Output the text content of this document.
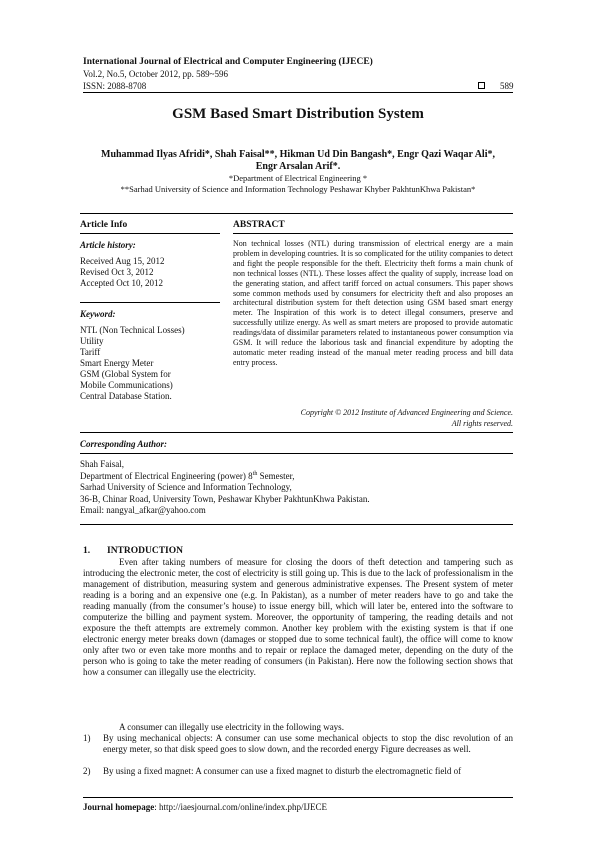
International Journal of Electrical and Computer Engineering (IJECE)
Vol.2, No.5, October 2012, pp. 589~596
ISSN: 2088-8708	589
GSM Based Smart Distribution System
Muhammad Ilyas Afridi*, Shah Faisal**, Hikman Ud Din Bangash*, Engr Qazi Waqar Ali*,
Engr Arsalan Arif*.
*Department of Electrical Engineering *
**Sarhad University of Science and Information Technology Peshawar Khyber PakhtunKhwa Pakistan*
Article Info	ABSTRACT
Article history:
Received Aug 15, 2012
Revised Oct 3, 2012
Accepted Oct 10, 2012
Keyword:
NTL (Non Technical Losses)
Utility
Tariff
Smart Energy Meter
GSM (Global System for
Mobile Communications)
Central Database Station.
Non technical losses (NTL) during transmission of electrical energy are a main problem in developing countries. It is so complicated for the utility companies to detect and fight the people responsible for the theft. Electricity theft forms a main chunk of non technical losses (NTL). These losses affect the quality of supply, increase load on the generating station, and affect tariff forced on actual consumers. This paper shows some common methods used by consumers for electricity theft and also proposes an architectural distribution system for theft detection using GSM based smart energy meter. The Inspiration of this work is to detect illegal consumers, preserve and successfully utilize energy. As well as smart meters are proposed to provide automatic readings/data of dissimilar parameters related to instantaneous power consumption via GSM. It will reduce the laborious task and financial expenditure by adopting the automatic meter reading instead of the manual meter reading process and bill data entry process.
Copyright © 2012 Institute of Advanced Engineering and Science.
All rights reserved.
Corresponding Author:
Shah Faisal,
Department of Electrical Engineering (power) 8th Semester,
Sarhad University of Science and Information Technology,
36-B, Chinar Road, University Town, Peshawar Khyber PakhtunKhwa Pakistan.
Email: nangyal_afkar@yahoo.com
1. INTRODUCTION
Even after taking numbers of measure for closing the doors of theft detection and tampering such as introducing the electronic meter, the cost of electricity is still going up. This is due to the lack of professionalism in the management of distribution, measuring system and generous administrative expenses. The Present system of meter reading is a boring and an expensive one (e.g. In Pakistan), as a number of meter readers have to go and take the reading manually (from the consumer’s house) to issue energy bill, which will later be, entered into the software to computerize the billing and payment system. Moreover, the opportunity of tampering, the reading details and not exposure the theft attempts are extremely common. Another key problem with the existing system is that if one electronic energy meter breaks down (damages or stopped due to some technical fault), the office will come to know only after two or even take more months and to repair or replace the damaged meter, depending on the duty of the person who is going to take the meter reading of consumers (in Pakistan). Here now the following section shows that how a consumer can illegally use the electricity.
A consumer can illegally use electricity in the following ways.
1) By using mechanical objects: A consumer can use some mechanical objects to stop the disc revolution of an energy meter, so that disk speed goes to slow down, and the recorded energy Figure decreases as well.
2) By using a fixed magnet: A consumer can use a fixed magnet to disturb the electromagnetic field of
Journal homepage: http://iaesjournal.com/online/index.php/IJECE
